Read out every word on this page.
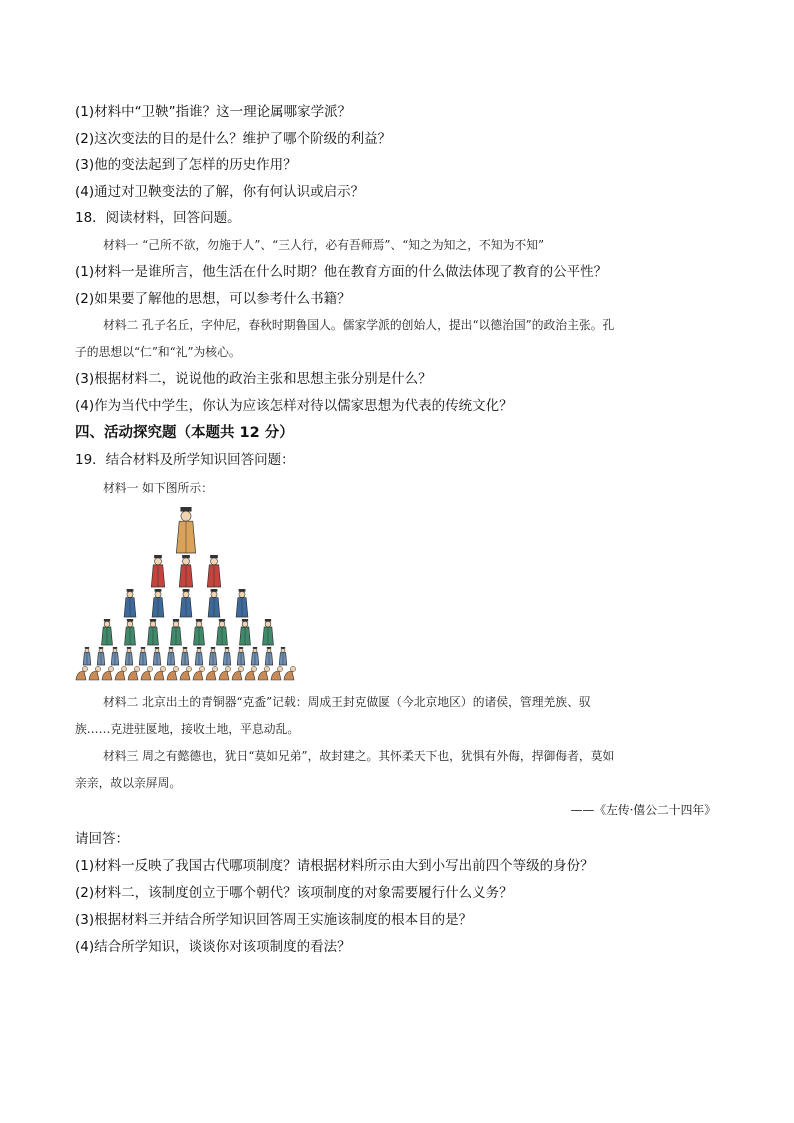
(1)材料中“卫鞅”指谁？这一理论属哪家学派？
(2)这次变法的目的是什么？维护了哪个阶级的利益？
(3)他的变法起到了怎样的历史作用？
(4)通过对卫鞅变法的了解，你有何认识或启示？
18．阅读材料，回答问题。
材料一 “己所不欲，勿施于人”、“三人行，必有吾师焉”、“知之为知之，不知为不知”
(1)材料一是谁所言，他生活在什么时期？他在教育方面的什么做法体现了教育的公平性？
(2)如果要了解他的思想，可以参考什么书籍？
材料二 孔子名丘，字仲尼，春秋时期鲁国人。儒家学派的创始人，提出“以德治国”的政治主张。孔
子的思想以“仁”和“礼”为核心。
(3)根据材料二，说说他的政治主张和思想主张分别是什么？
(4)作为当代中学生，你认为应该怎样对待以儒家思想为代表的传统文化？
四、活动探究题（本题共 12 分）
19．结合材料及所学知识回答问题：
材料一 如下图所示：
材料二 北京出土的青铜器“克盉”记载：周成王封克做匽（今北京地区）的诸侯，管理羌族、驭
族……克进驻匽地，接收土地，平息动乱。
材料三 周之有懿德也，犹日“莫如兄弟”，故封建之。其怀柔天下也，犹惧有外侮，捍御侮者，莫如
亲亲，故以亲屏周。
——《左传·僖公二十四年》
请回答：
(1)材料一反映了我国古代哪项制度？请根据材料所示由大到小写出前四个等级的身份？
(2)材料二，该制度创立于哪个朝代？该项制度的对象需要履行什么义务？
(3)根据材料三并结合所学知识回答周王实施该制度的根本目的是？
(4)结合所学知识，谈谈你对该项制度的看法？
